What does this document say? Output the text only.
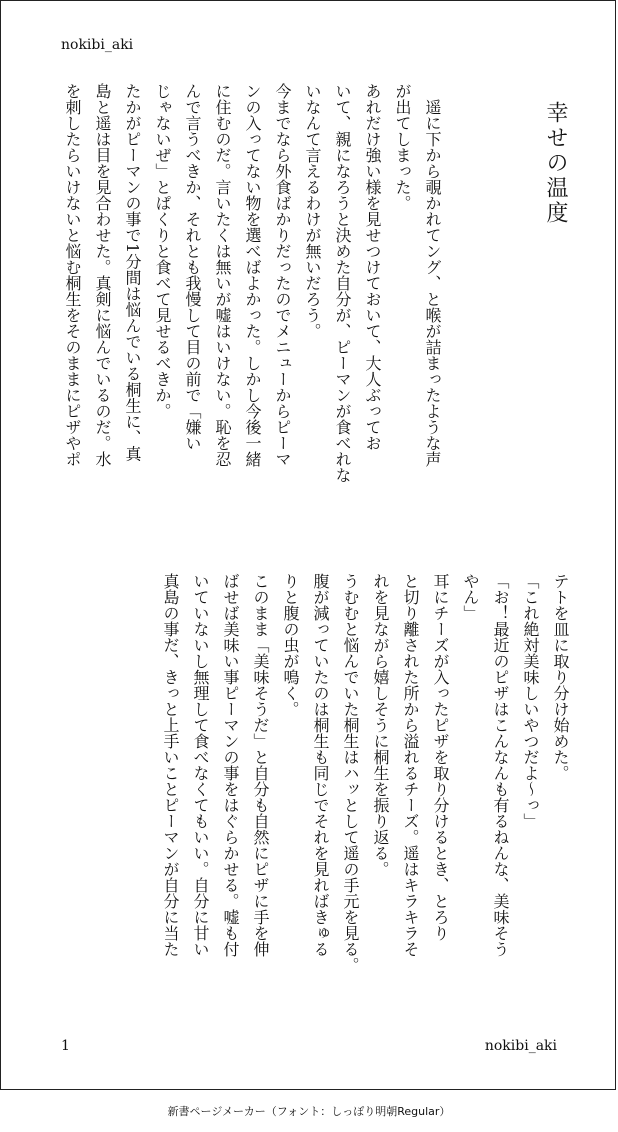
nokibi_aki
幸せの温度

　遥に下から覗かれてング、と喉が詰まったような声

が出てしまった。

あれだけ強い様を見せつけておいて、大人ぶってお

いて、親になろうと決めた自分が、ピーマンが食べれな

いなんて言えるわけが無いだろう。

今までなら外食ばかりだったのでメニューからピーマ

ンの入ってない物を選べばよかった。しかし今後一緒

に住むのだ。言いたくは無いが嘘はいけない。恥を忍

んで言うべきか、それとも我慢して目の前で「嫌い

じゃないぜ」とぱくりと食べて見せるべきか。

たかがピーマンの事で1分間は悩んでいる桐生に、真

島と遥は目を見合わせた。真剣に悩んでいるのだ。水

を刺したらいけないと悩む桐生をそのままにピザやポ

テトを皿に取り分け始めた。

「これ絶対美味しいやつだよ〜っ」

「お！最近のピザはこんなんも有るねんな、美味そう

やん」

耳にチーズが入ったピザを取り分けるとき、とろり

と切り離された所から溢れるチーズ。遥はキラキラそ

れを見ながら嬉しそうに桐生を振り返る。

うむむと悩んでいた桐生はハッとして遥の手元を見る。

腹が減っていたのは桐生も同じでそれを見ればきゅる

りと腹の虫が鳴く。

このまま「美味そうだ」と自分も自然にピザに手を伸

ばせば美味い事ピーマンの事をはぐらかせる。嘘も付

いていないし無理して食べなくてもいい。自分に甘い

真島の事だ、きっと上手いことピーマンが自分に当た

1	nokibi_aki
新書ページメーカー（フォント：しっぽり明朝Regular）
